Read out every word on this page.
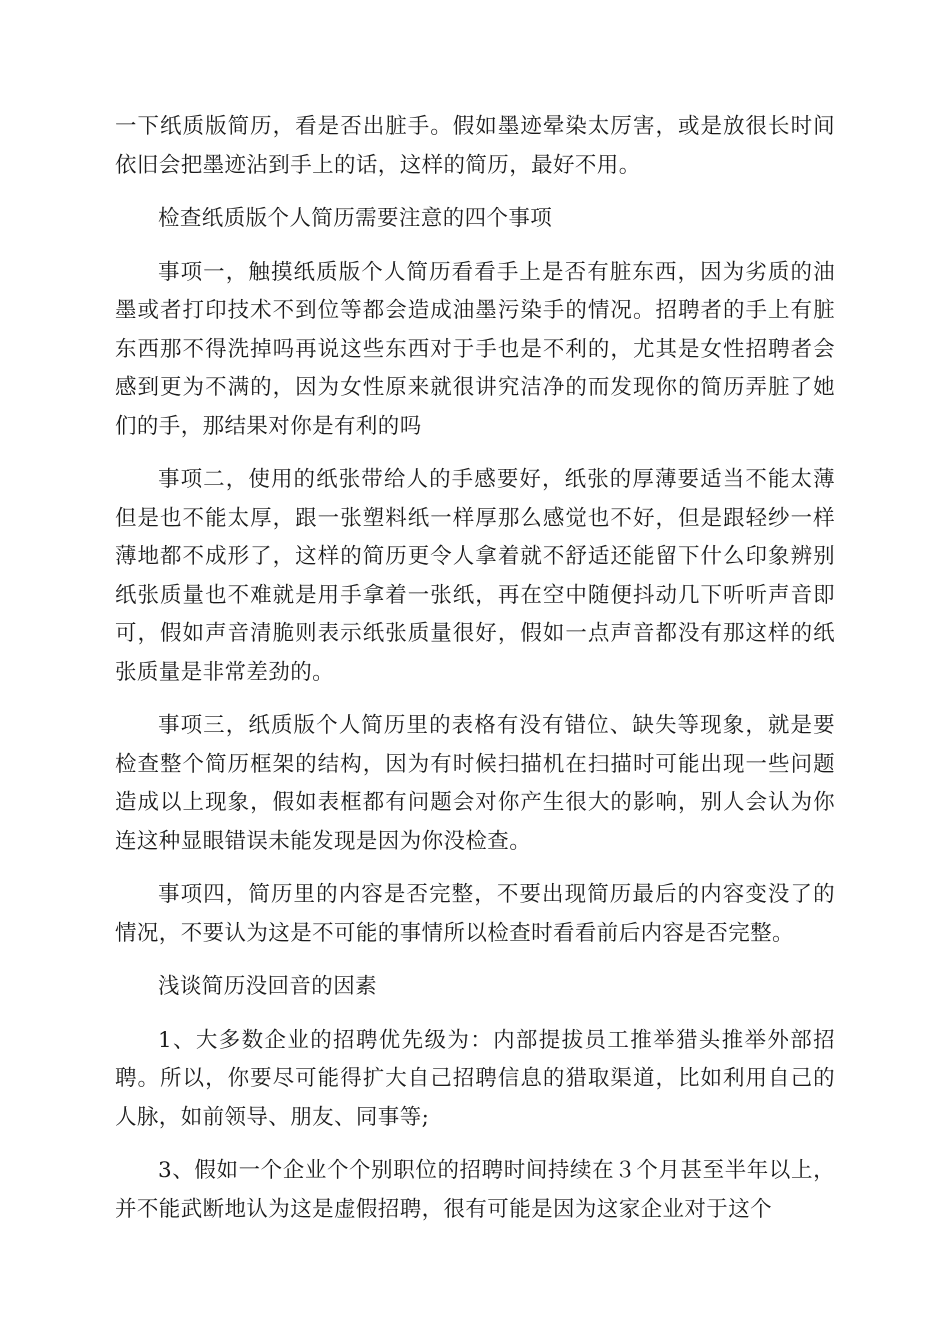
一下纸质版简历，看是否出脏手。假如墨迹晕染太厉害，或是放很长时间依旧会把墨迹沾到手上的话，这样的简历，最好不用。

检查纸质版个人简历需要注意的四个事项

事项一，触摸纸质版个人简历看看手上是否有脏东西，因为劣质的油墨或者打印技术不到位等都会造成油墨污染手的情况。招聘者的手上有脏东西那不得洗掉吗再说这些东西对于手也是不利的，尤其是女性招聘者会感到更为不满的，因为女性原来就很讲究洁净的而发现你的简历弄脏了她们的手，那结果对你是有利的吗

事项二，使用的纸张带给人的手感要好，纸张的厚薄要适当不能太薄但是也不能太厚，跟一张塑料纸一样厚那么感觉也不好，但是跟轻纱一样薄地都不成形了，这样的简历更令人拿着就不舒适还能留下什么印象辨别纸张质量也不难就是用手拿着一张纸，再在空中随便抖动几下听听声音即可，假如声音清脆则表示纸张质量很好，假如一点声音都没有那这样的纸张质量是非常差劲的。

事项三，纸质版个人简历里的表格有没有错位、缺失等现象，就是要检查整个简历框架的结构，因为有时候扫描机在扫描时可能出现一些问题造成以上现象，假如表框都有问题会对你产生很大的影响，别人会认为你连这种显眼错误未能发现是因为你没检查。

事项四，简历里的内容是否完整，不要出现简历最后的内容变没了的情况，不要认为这是不可能的事情所以检查时看看前后内容是否完整。

浅谈简历没回音的因素

1、大多数企业的招聘优先级为：内部提拔员工推举猎头推举外部招聘。所以，你要尽可能得扩大自己招聘信息的猎取渠道，比如利用自己的人脉，如前领导、朋友、同事等;

3、假如一个企业个个别职位的招聘时间持续在３个月甚至半年以上，并不能武断地认为这是虚假招聘，很有可能是因为这家企业对于这个
